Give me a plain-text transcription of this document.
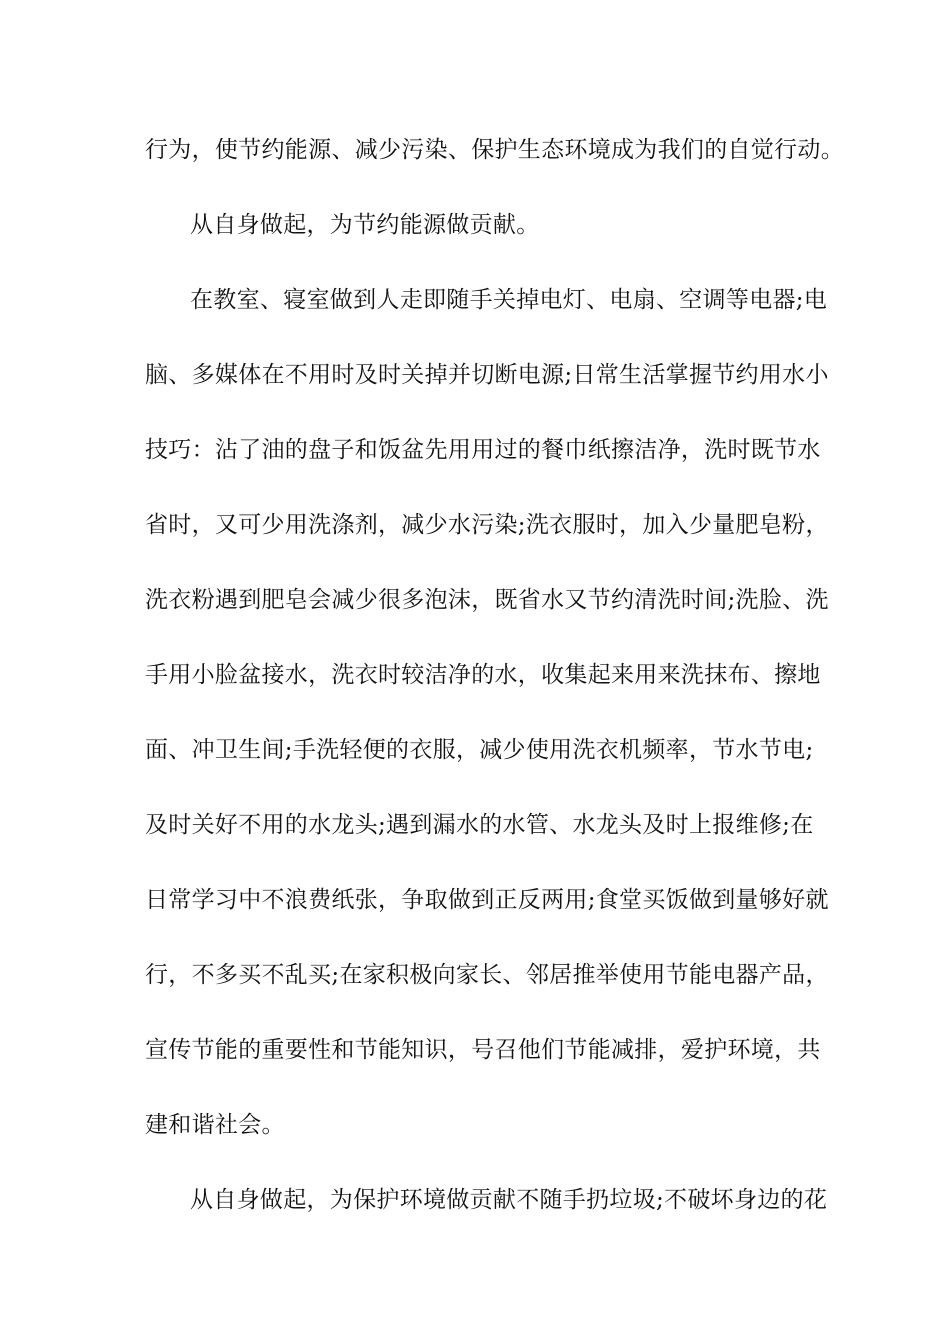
行为，使节约能源、减少污染、保护生态环境成为我们的自觉行动。
从自身做起，为节约能源做贡献。
在教室、寝室做到人走即随手关掉电灯、电扇、空调等电器;电
脑、多媒体在不用时及时关掉并切断电源;日常生活掌握节约用水小
技巧：沾了油的盘子和饭盆先用用过的餐巾纸擦洁净，洗时既节水
省时，又可少用洗涤剂，减少水污染;洗衣服时，加入少量肥皂粉，
洗衣粉遇到肥皂会减少很多泡沫，既省水又节约清洗时间;洗脸、洗
手用小脸盆接水，洗衣时较洁净的水，收集起来用来洗抹布、擦地
面、冲卫生间;手洗轻便的衣服，减少使用洗衣机频率，节水节电;
及时关好不用的水龙头;遇到漏水的水管、水龙头及时上报维修;在
日常学习中不浪费纸张，争取做到正反两用;食堂买饭做到量够好就
行，不多买不乱买;在家积极向家长、邻居推举使用节能电器产品，
宣传节能的重要性和节能知识，号召他们节能减排，爱护环境，共
建和谐社会。
从自身做起，为保护环境做贡献不随手扔垃圾;不破坏身边的花
